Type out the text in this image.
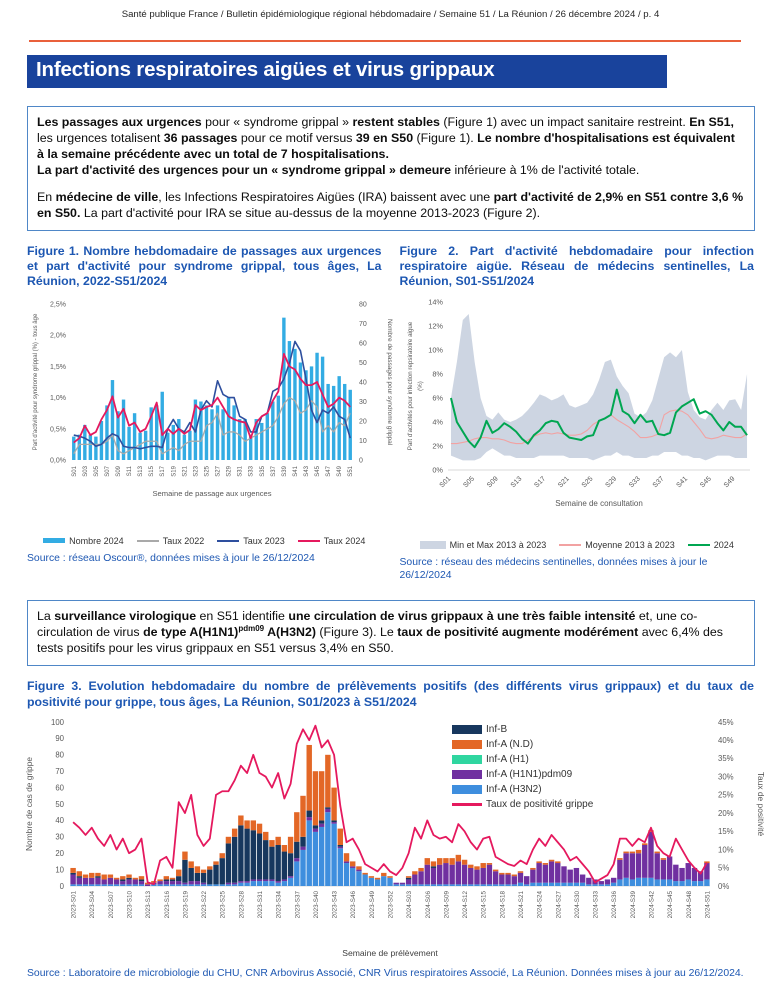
Santé publique France / Bulletin épidémiologique régional hébdomadaire / Semaine 51 / La Réunion / 26 décembre 2024 / p. 4
Infections respiratoires aigües et virus grippaux

Les passages aux urgences pour « syndrome grippal » restent stables (Figure 1) avec un impact sanitaire restreint. En S51, les urgences totalisent 36 passages pour ce motif versus 39 en S50 (Figure 1). Le nombre d'hospitalisations est équivalent à la semaine précédente avec un total de 7 hospitalisations.
La part d'activité des urgences pour un « syndrome grippal » demeure inférieure à 1% de l'activité totale.

En médecine de ville, les Infections Respiratoires Aigües (IRA) baissent avec une part d'activité de 2,9% en S51 contre 3,6 % en S50. La part d'activité pour IRA se situe au-dessus de la moyenne 2013-2023 (Figure 2).

Figure 1. Nombre hebdomadaire de passages aux urgences et part d'activité pour syndrome grippal, tous âges, La Réunion, 2022-S51/2024
0,0%
0,5%
1,0%
1,5%
2,0%
2,5%
0
10
20
30
40
50
60
70
80
S01 S03 S05 S07 S09 S11 S13 S15 S17 S19 S21 S23 S25 S27 S29 S31 S33 S35 S37 S39 S41 S43 S45 S47 S49 S51
Part d'activité pour syndrome grippal (%) - tous âge	Nombre de passages pour syndrome grippal
Semaine de passage aux urgences
Nombre 2024	Taux 2022	Taux 2023	Taux 2024
Source : réseau Oscour®, données mises à jour le 26/12/2024
Figure 2. Part d'activité hebdomadaire pour infection respiratoire aigüe. Réseau de médecins sentinelles, La Réunion, S01-S51/2024
0%
2%
4%
6%
8%
10%
12%
14%
S01 S05 S09 S13 S17 S21 S25 S29 S33 S37 S41 S45 S49
Part d'activités pour infection repsiratoire aigue (%)
Semaine de consultation
Min et Max 2013 à 2023	Moyenne 2013 à 2023	2024
Source : réseau des médecins sentinelles, données mises à jour le 26/12/2024

La surveillance virologique en S51 identifie une circulation de virus grippaux à une très faible intensité et, une co-circulation de virus de type $A(H1N1)^{pdm09}$ A(H3N2) (Figure 3). Le taux de positivité augmente modérément avec 6,4% des tests positifs pour les virus grippaux en S51 versus 3,4% en S50.

Figure 3. Evolution hebdomadaire du nombre de prélèvements positifs (des différents virus grippaux) et du taux de positivité pour grippe, tous âges, La Réunion, S01/2023 à S51/2024
0
10
20
30
40
50
60
70
80
90
100
0%
5%
10%
15%
20%
25%
30%
35%
40%
45%
2023-S01 2023-S04 2023-S07 2023-S10 2023-S13 2023-S16 2023-S19 2023-S22 2023-S25 2023-S28 2023-S31 2023-S34 2023-S37 2023-S40 2023-S43 2023-S46 2023-S49 2023-S52 2024-S03 2024-S06 2024-S09 2024-S12 2024-S15 2024-S18 2024-S21 2024-S24 2024-S27 2024-S30 2024-S33 2024-S36 2024-S39 2024-S42 2024-S45 2024-S48 2024-S51
Nombre de cas de grippe	Taux de positivité
Semaine de prélèvement
Inf-B
Inf-A (N.D)
Inf-A (H1)
Inf-A (H1N1)pdm09
Inf-A (H3N2)
Taux de positivité grippe
Source : Laboratoire de microbiologie du CHU, CNR Arbovirus Associé, CNR Virus respiratoires Associé, La Réunion. Données mises à jour au 26/12/2024.
